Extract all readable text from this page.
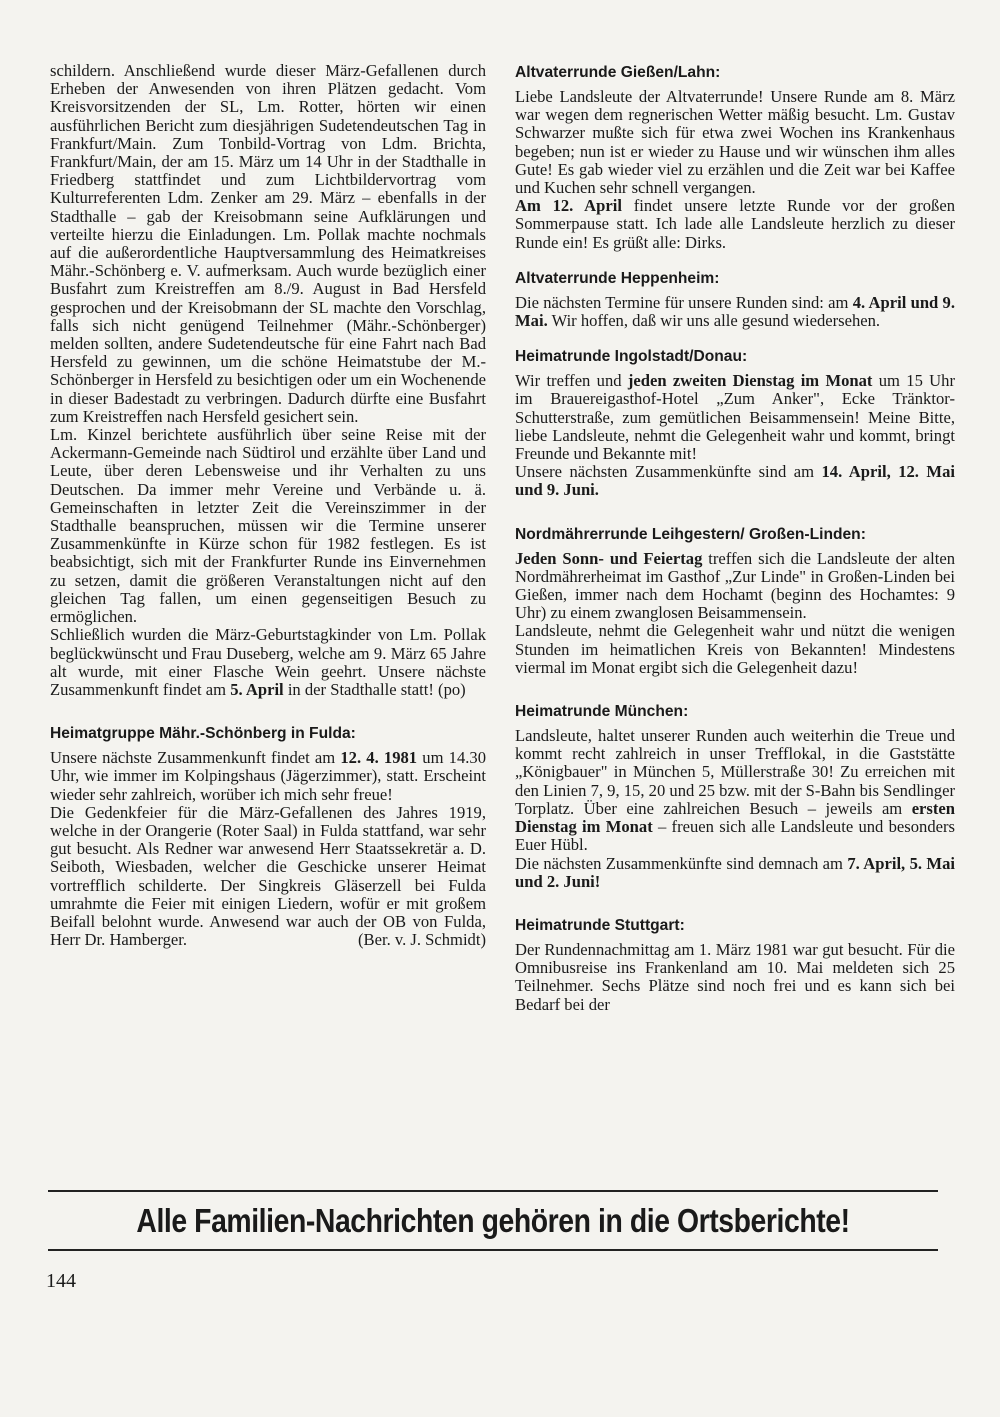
schildern. Anschließend wurde dieser März-Gefallenen durch Erheben der Anwesenden von ihren Plätzen gedacht. Vom Kreisvorsitzenden der SL, Lm. Rotter, hörten wir einen ausführlichen Bericht zum diesjährigen Sudetendeutschen Tag in Frankfurt/Main. Zum Tonbild-Vortrag von Ldm. Brichta, Frankfurt/Main, der am 15. März um 14 Uhr in der Stadthalle in Friedberg stattfindet und zum Lichtbildervortrag vom Kulturreferenten Ldm. Zenker am 29. März – ebenfalls in der Stadthalle – gab der Kreisobmann seine Aufklärungen und verteilte hierzu die Einladungen. Lm. Pollak machte nochmals auf die außerordentliche Hauptversammlung des Heimatkreises Mähr.-Schönberg e. V. aufmerksam. Auch wurde bezüglich einer Busfahrt zum Kreistreffen am 8./9. August in Bad Hersfeld gesprochen und der Kreisobmann der SL machte den Vorschlag, falls sich nicht genügend Teilnehmer (Mähr.-Schönberger) melden sollten, andere Sudetendeutsche für eine Fahrt nach Bad Hersfeld zu gewinnen, um die schöne Heimatstube der M.-Schönberger in Hersfeld zu besichtigen oder um ein Wochenende in dieser Badestadt zu verbringen. Dadurch dürfte eine Busfahrt zum Kreistreffen nach Hersfeld gesichert sein.

Lm. Kinzel berichtete ausführlich über seine Reise mit der Ackermann-Gemeinde nach Südtirol und erzählte über Land und Leute, über deren Lebensweise und ihr Verhalten zu uns Deutschen. Da immer mehr Vereine und Verbände u. ä. Gemeinschaften in letzter Zeit die Vereinszimmer in der Stadthalle beanspruchen, müssen wir die Termine unserer Zusammenkünfte in Kürze schon für 1982 festlegen. Es ist beabsichtigt, sich mit der Frankfurter Runde ins Einvernehmen zu setzen, damit die größeren Veranstaltungen nicht auf den gleichen Tag fallen, um einen gegenseitigen Besuch zu ermöglichen.

Schließlich wurden die März-Geburtstagkinder von Lm. Pollak beglückwünscht und Frau Duseberg, welche am 9. März 65 Jahre alt wurde, mit einer Flasche Wein geehrt. Unsere nächste Zusammenkunft findet am 5. April in der Stadthalle statt! (po)

Heimatgruppe Mähr.-Schönberg in Fulda:

Unsere nächste Zusammenkunft findet am 12. 4. 1981 um 14.30 Uhr, wie immer im Kolpingshaus (Jägerzimmer), statt. Erscheint wieder sehr zahlreich, worüber ich mich sehr freue!

Die Gedenkfeier für die März-Gefallenen des Jahres 1919, welche in der Orangerie (Roter Saal) in Fulda stattfand, war sehr gut besucht. Als Redner war anwesend Herr Staatssekretär a. D. Seiboth, Wiesbaden, welcher die Geschicke unserer Heimat vortrefflich schilderte. Der Singkreis Gläserzell bei Fulda umrahmte die Feier mit einigen Liedern, wofür er mit großem Beifall belohnt wurde. Anwesend war auch der OB von Fulda, Herr Dr. Hamberger.	(Ber. v. J. Schmidt)

Altvaterrunde Gießen/Lahn:

Liebe Landsleute der Altvaterrunde! Unsere Runde am 8. März war wegen dem regnerischen Wetter mäßig besucht. Lm. Gustav Schwarzer mußte sich für etwa zwei Wochen ins Krankenhaus begeben; nun ist er wieder zu Hause und wir wünschen ihm alles Gute! Es gab wieder viel zu erzählen und die Zeit war bei Kaffee und Kuchen sehr schnell vergangen.

Am 12. April findet unsere letzte Runde vor der großen Sommerpause statt. Ich lade alle Landsleute herzlich zu dieser Runde ein! Es grüßt alle: Dirks.

Altvaterrunde Heppenheim:

Die nächsten Termine für unsere Runden sind: am 4. April und 9. Mai. Wir hoffen, daß wir uns alle gesund wiedersehen.

Heimatrunde Ingolstadt/Donau:

Wir treffen und jeden zweiten Dienstag im Monat um 15 Uhr im Brauereigasthof-Hotel „Zum Anker", Ecke Tränktor-Schutterstraße, zum gemütlichen Beisammensein! Meine Bitte, liebe Landsleute, nehmt die Gelegenheit wahr und kommt, bringt Freunde und Bekannte mit!

Unsere nächsten Zusammenkünfte sind am 14. April, 12. Mai und 9. Juni.

Nordmährerrunde Leihgestern/ Großen-Linden:

Jeden Sonn- und Feiertag treffen sich die Landsleute der alten Nordmährerheimat im Gasthof „Zur Linde" in Großen-Linden bei Gießen, immer nach dem Hochamt (beginn des Hochamtes: 9 Uhr) zu einem zwanglosen Beisammensein.

Landsleute, nehmt die Gelegenheit wahr und nützt die wenigen Stunden im heimatlichen Kreis von Bekannten! Mindestens viermal im Monat ergibt sich die Gelegenheit dazu!

Heimatrunde München:

Landsleute, haltet unserer Runden auch weiterhin die Treue und kommt recht zahlreich in unser Trefflokal, in die Gaststätte „Königbauer" in München 5, Müllerstraße 30! Zu erreichen mit den Linien 7, 9, 15, 20 und 25 bzw. mit der S-Bahn bis Sendlinger Torplatz. Über eine zahlreichen Besuch – jeweils am ersten Dienstag im Monat – freuen sich alle Landsleute und besonders Euer Hübl.

Die nächsten Zusammenkünfte sind demnach am 7. April, 5. Mai und 2. Juni!

Heimatrunde Stuttgart:

Der Rundennachmittag am 1. März 1981 war gut besucht. Für die Omnibusreise ins Frankenland am 10. Mai meldeten sich 25 Teilnehmer. Sechs Plätze sind noch frei und es kann sich bei Bedarf bei der

Alle Familien-Nachrichten gehören in die Ortsberichte!
144
